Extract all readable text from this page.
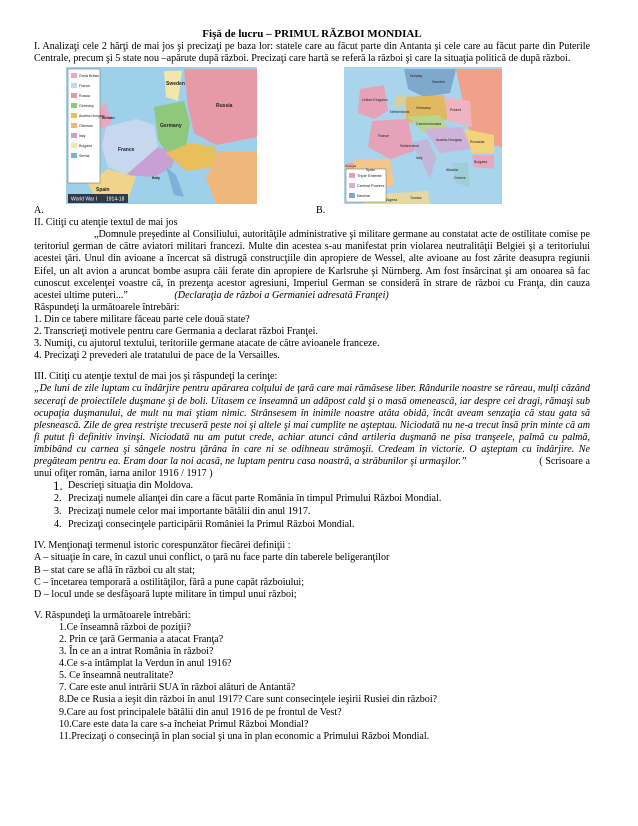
Fişă de lucru – PRIMUL RĂZBOI MONDIAL

I. Analizaţi cele 2 hărţi de mai jos şi precizaţi pe baza lor: statele care au făcut parte din Antanta şi cele care au făcut parte din Puterile Centrale, precum şi 5 state nou –apărute după război. Precizaţi care hartă se referă la război şi care la situaţia politică de după război.

Great Britain
France
Russia
Germany
Austria-Hungary
Ottoman
Italy
Bulgaria
Serbia
Sweden
Russia
Germany
France
Spain
Britain
Italy
World War I 1914-18
Triple Entente
Central Powers
Neutral
Norway
Sweden
United Kingdom
Netherlands
Germany	Poland
Czechoslovakia
France
Austria-Hungary
Switzerland
Romania
Italy
Bulgaria
Spain
Portugal
Algeria	Tunisia
Albania
Greece
A.	B.

II. Citiţi cu atenţie textul de mai jos

„Domnule preşedinte al Consiliului, autorităţile administrative şi militare germane au constatat acte de ostilitate comise pe teritoriul german de către aviatori militari francezi. Multe din acestea s-au manifestat prin violarea neutralităţii Belgiei şi a teritoriului acestei ţări. Unul din avioane a încercat să distrugă construcţiile din apropiere de Wessel, alte avioane au fost zărite deasupra regiunii Eifel, un alt avion a aruncat bombe asupra căii ferate din apropiere de Karlsruhe şi Nürnberg. Am fost însărcinat şi am onoarea să fac cunoscut excelenţei voastre că, în prezenţa acestor agresiuni, Imperiul German se consideră în strare de război cu Franţa, din cauza acestei ultime puteri...”	(Declaraţia de război a Germaniei adresată Franţei)

Răspundeţi la următoarele întrebări:

1. Din ce tabere militare făceau parte cele două state?

2. Transcrieţi motivele pentru care Germania a declarat război Franţei.

3. Numiţi, cu ajutorul textului, teritoriile germane atacate de către avioanele franceze.

4. Precizaţi 2 prevederi ale tratatului de pace de la Versailles.

III. Citiţi cu atenţie textul de mai jos şi răspundeţi la cerinţe:

„De luni de zile luptam cu îndârjire pentru apărarea colţului de ţară care mai rămăsese liber. Rândurile noastre se răreau, mulţi căzând seceraţi de proiectilele duşmane şi de boli. Uitasem ce înseamnă un adăpost cald şi o masă omenească, iar despre cei dragi, rămaşi sub ocupaţia duşmanului, de mult nu mai ştiam nimic. Strânsesem în inimile noastre atâta obidă, încât aveam senzaţia că stau gata să plesnească. Zile de grea restrişte trecuseră peste noi şi altele şi mai cumplite ne aşteptau. Niciodată nu ne-a trecut însă prin minte că am fi putut fi definitiv învinşi. Niciodată nu am putut crede, achiar atunci când artileria duşmană ne pisa tranşeele, palmă cu palmă, îmbibând cu carnea şi sângele nostru ţărâna în care ni se odihneau strămoşii. Credeam în victorie. O aşteptam cu îndârjire. Ne pregăteam pentru ea. Eram doar la noi acasă, ne luptam pentru casa noastră, a străbunilor şi urmaşilor.”	( Scrisoare a unui ofiţer român, iarna anilor 1916 / 1917 )

1. Descrieţi situaţia din Moldova.
2. Precizaţi numele alianţei din care a făcut parte România în timpul Primului Război Mondial.
3. Precizaţi numele celor mai importante bătălii din anul 1917.
4. Precizaţi consecinţele participării României la Primul Război Mondial.

IV. Menţionaţi termenul istoric corespunzător fiecărei definiţii :

A – situaţie în care, în cazul unui conflict, o ţară nu face parte din taberele beligeranţilor

B – stat care se află în război cu alt stat;

C – încetarea temporară a ostilităţilor, fără a pune capăt războiului;

D – locul unde se desfăşoară lupte militare în timpul unui război;

V. Răspundeţi la următoarele întrebări:

1.Ce înseamnă război de poziţii?

2. Prin ce ţară Germania a atacat Franţa?

3. În ce an a intrat România în război?

4.Ce s-a întâmplat la Verdun în anul 1916?

5. Ce înseamnă neutralitate?

7. Care este anul intrării SUA în război alături de Antantă?

8.De ce Rusia a ieşit din război în anul 1917? Care sunt consecinţele ieşirii Rusiei din război?

9.Care au fost principalele bătălii din anul 1916 de pe frontul de Vest?

10.Care este data la care s-a încheiat Primul Război Mondial?

11.Precizaţi o consecinţă în plan social şi una în plan economic a Primului Război Mondial.
